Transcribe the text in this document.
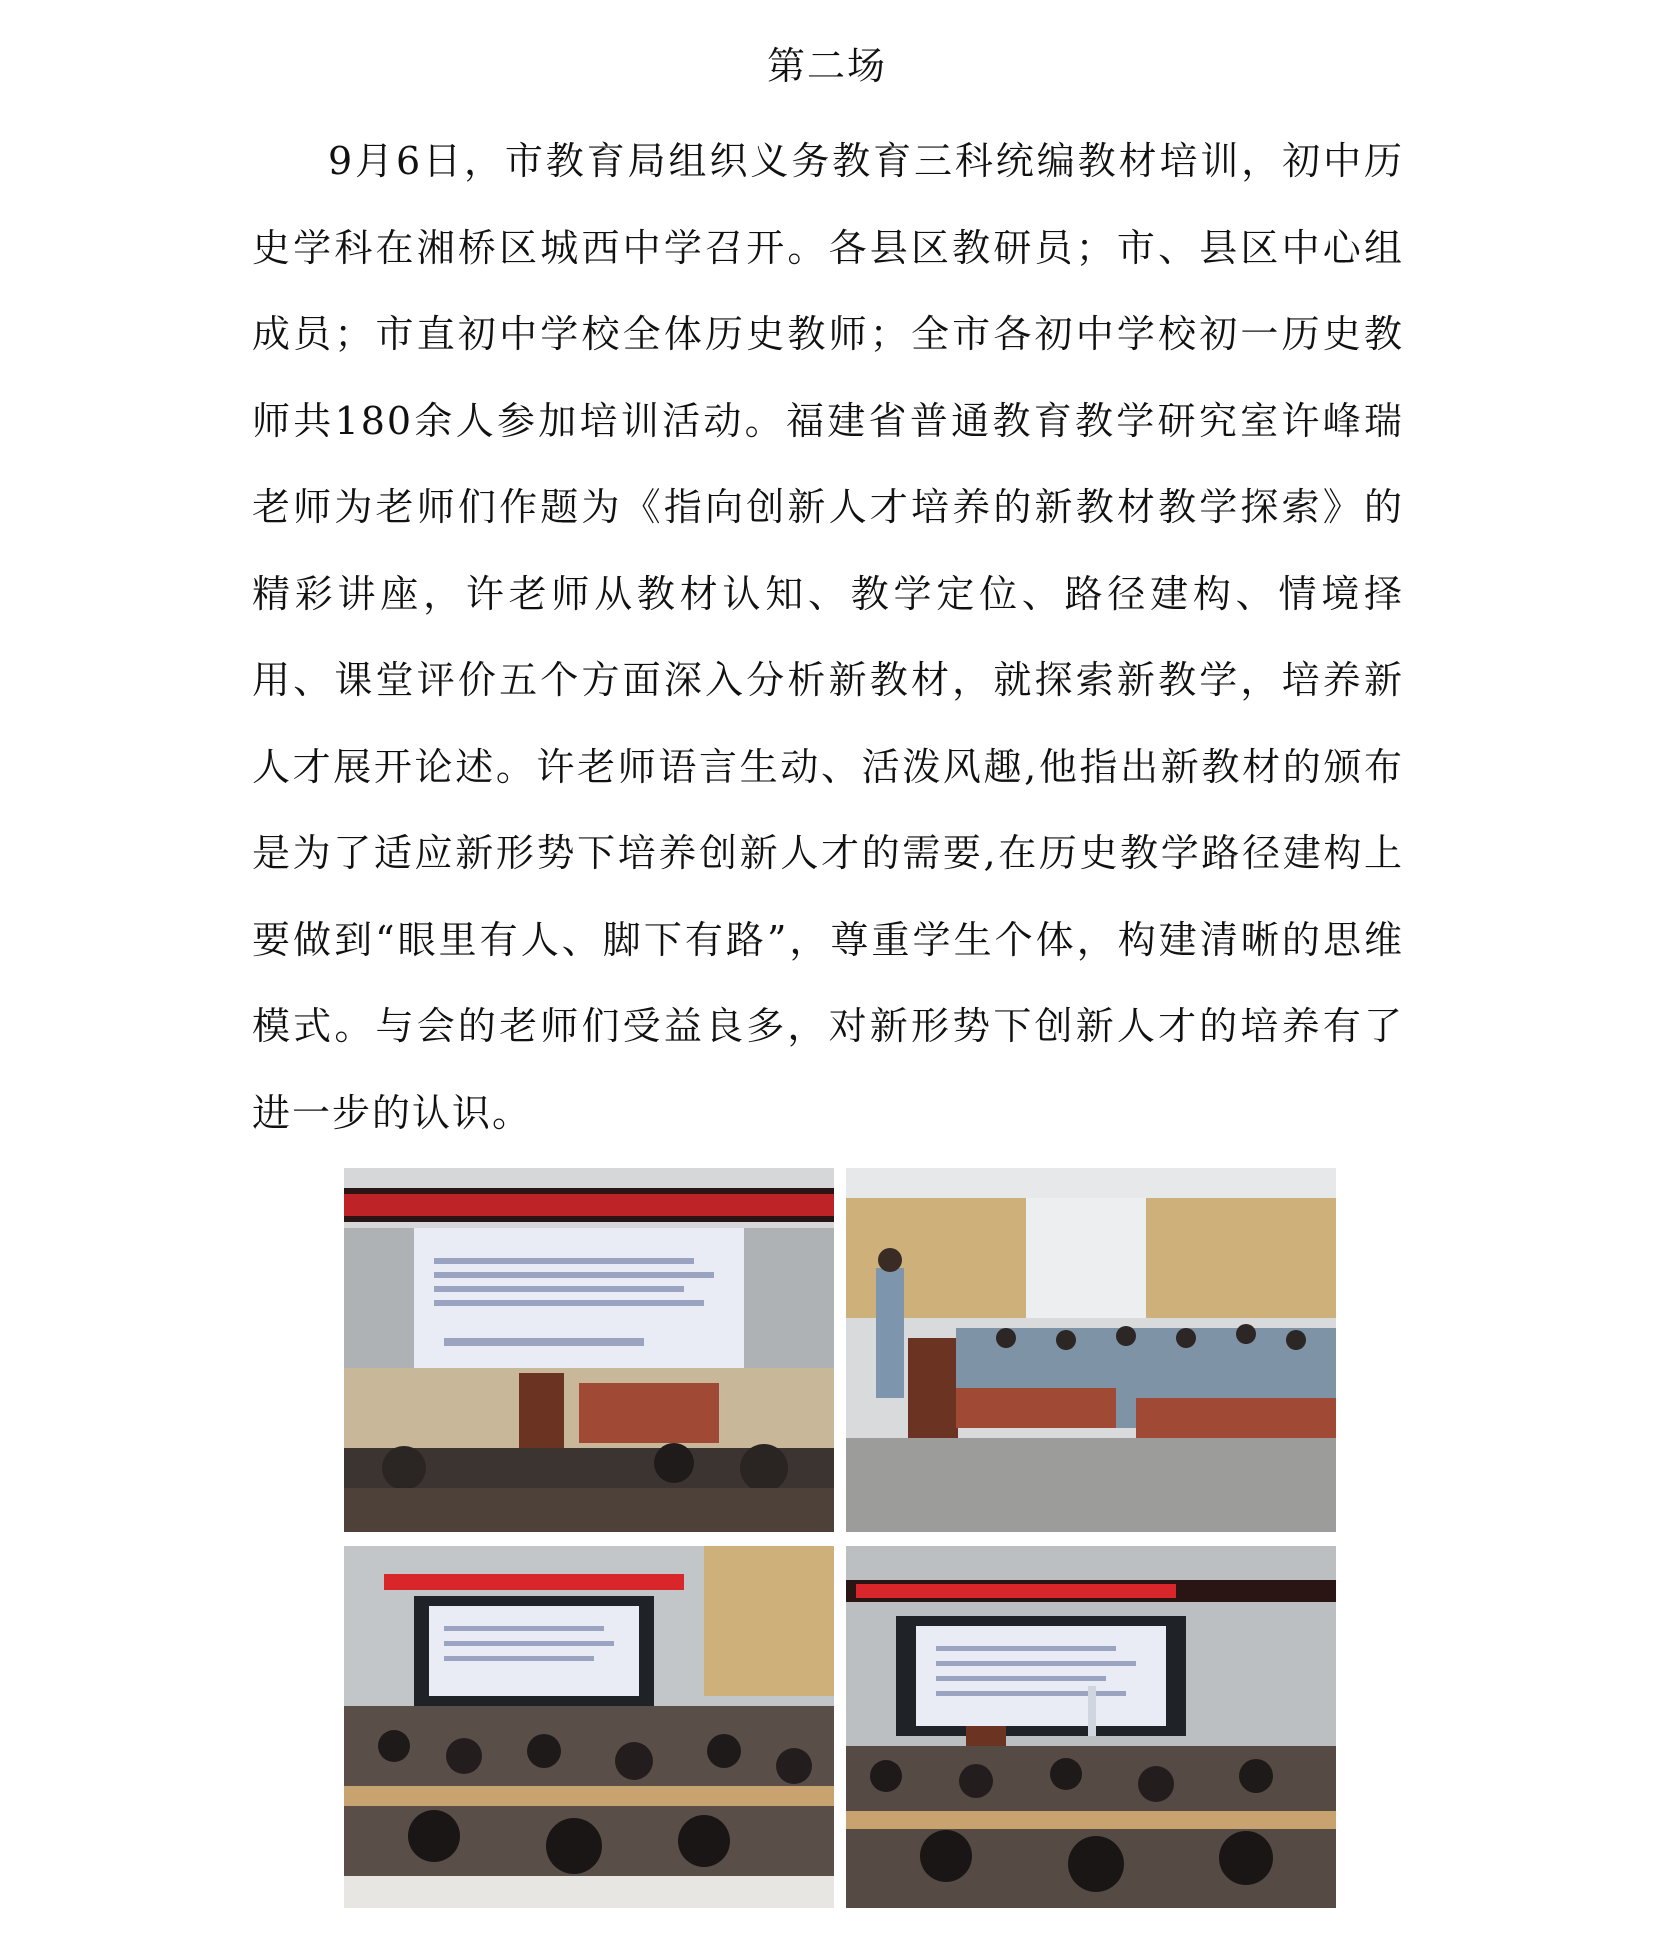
第二场

9月6日，市教育局组织义务教育三科统编教材培训，初中历史学科在湘桥区城西中学召开。各县区教研员；市、县区中心组成员；市直初中学校全体历史教师；全市各初中学校初一历史教师共180余人参加培训活动。福建省普通教育教学研究室许峰瑞老师为老师们作题为《指向创新人才培养的新教材教学探索》的精彩讲座，许老师从教材认知、教学定位、路径建构、情境择用、课堂评价五个方面深入分析新教材，就探索新教学，培养新人才展开论述。许老师语言生动、活泼风趣,他指出新教材的颁布是为了适应新形势下培养创新人才的需要,在历史教学路径建构上要做到“眼里有人、脚下有路”，尊重学生个体，构建清晰的思维模式。与会的老师们受益良多，对新形势下创新人才的培养有了进一步的认识。
